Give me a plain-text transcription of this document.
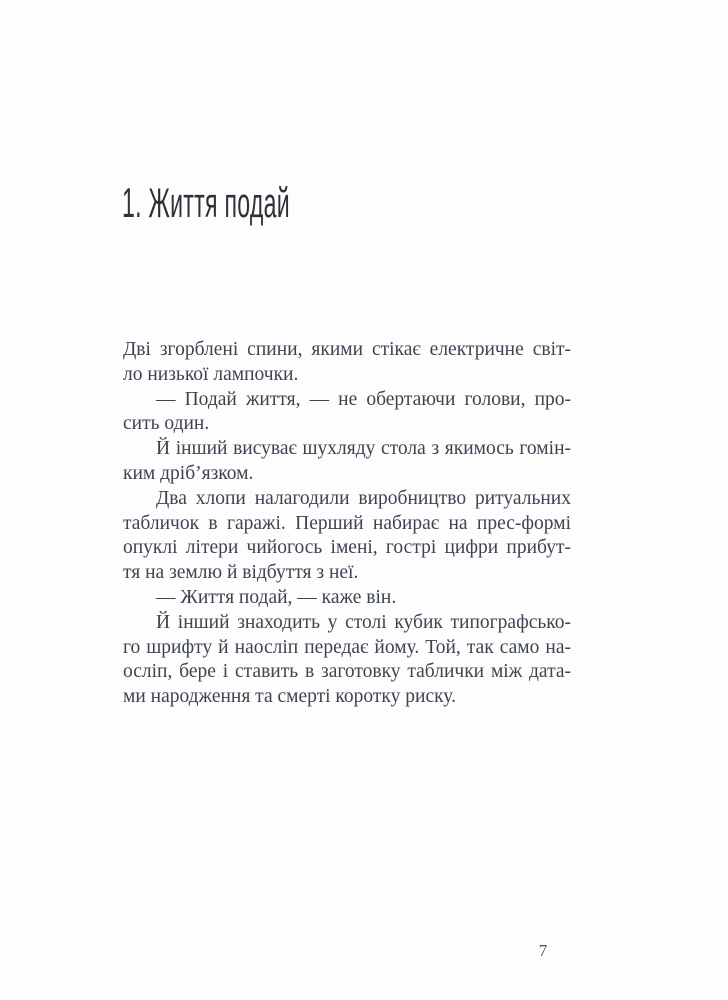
1. Життя подай
Дві згорблені спини, якими стікає електричне світ-
ло низької лампочки.
— Подай життя, — не обертаючи голови, про-
сить один.
Й інший висуває шухляду стола з якимось гомін-
ким дріб’язком.
Два хлопи налагодили виробництво ритуальних
табличок в гаражі. Перший набирає на прес-формі
опуклі літери чийогось імені, гострі цифри прибут-
тя на землю й відбуття з неї.
— Життя подай, — каже він.
Й інший знаходить у столі кубик типографсько-
го шрифту й наосліп передає йому. Той, так само на-
осліп, бере і ставить в заготовку таблички між дата-
ми народження та смерті коротку риску.
7
